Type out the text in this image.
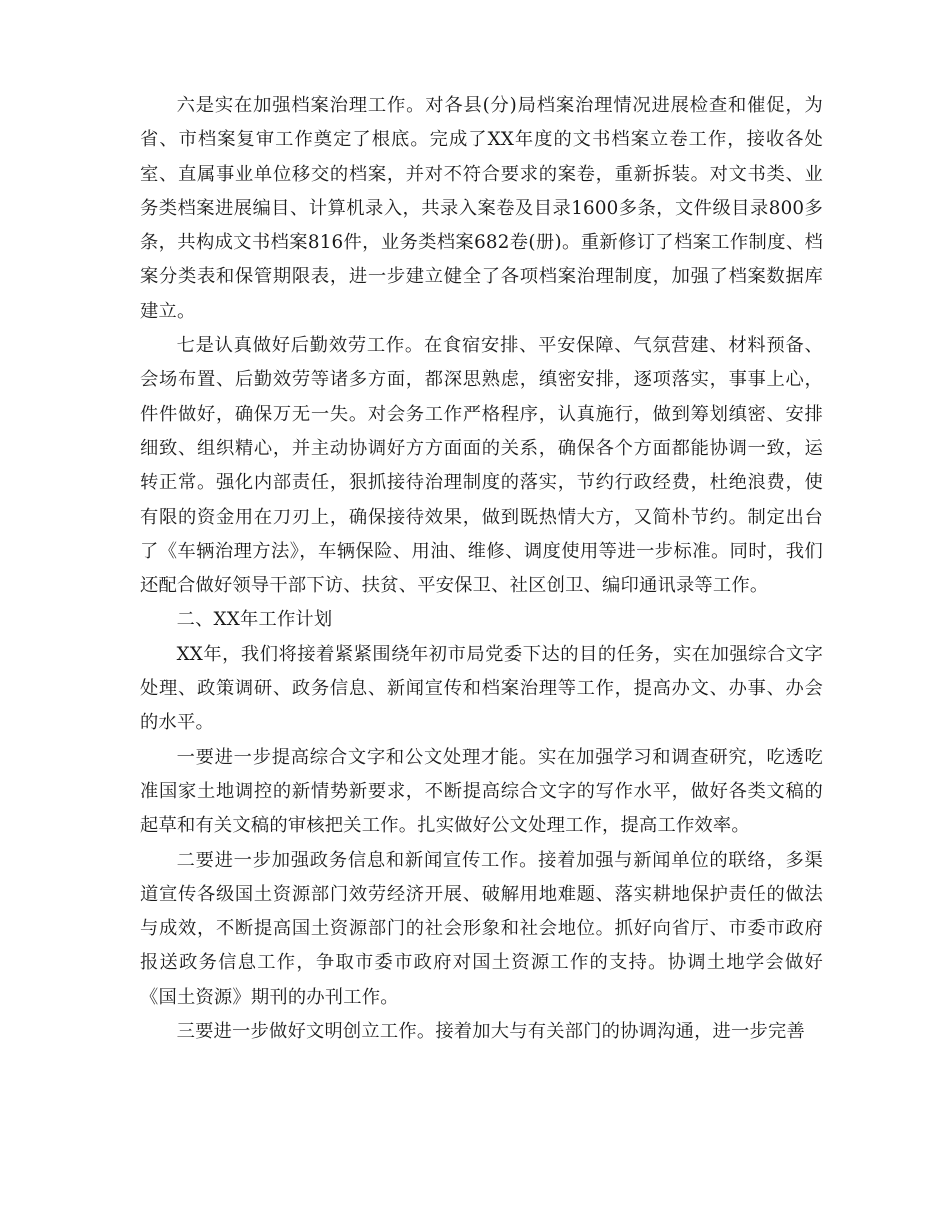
六是实在加强档案治理工作。对各县(分)局档案治理情况进展检查和催促，为省、市档案复审工作奠定了根底。完成了XX年度的文书档案立卷工作，接收各处室、直属事业单位移交的档案，并对不符合要求的案卷，重新拆装。对文书类、业务类档案进展编目、计算机录入，共录入案卷及目录1600多条，文件级目录800多条，共构成文书档案816件，业务类档案682卷(册)。重新修订了档案工作制度、档案分类表和保管期限表，进一步建立健全了各项档案治理制度，加强了档案数据库建立。

七是认真做好后勤效劳工作。在食宿安排、平安保障、气氛营建、材料预备、会场布置、后勤效劳等诸多方面，都深思熟虑，缜密安排，逐项落实，事事上心，件件做好，确保万无一失。对会务工作严格程序，认真施行，做到筹划缜密、安排细致、组织精心，并主动协调好方方面面的关系，确保各个方面都能协调一致，运转正常。强化内部责任，狠抓接待治理制度的落实，节约行政经费，杜绝浪费，使有限的资金用在刀刃上，确保接待效果，做到既热情大方，又简朴节约。制定出台了《车辆治理方法》，车辆保险、用油、维修、调度使用等进一步标准。同时，我们还配合做好领导干部下访、扶贫、平安保卫、社区创卫、编印通讯录等工作。

二、XX年工作计划

XX年，我们将接着紧紧围绕年初市局党委下达的目的任务，实在加强综合文字处理、政策调研、政务信息、新闻宣传和档案治理等工作，提高办文、办事、办会的水平。

一要进一步提高综合文字和公文处理才能。实在加强学习和调查研究，吃透吃准国家土地调控的新情势新要求，不断提高综合文字的写作水平，做好各类文稿的起草和有关文稿的审核把关工作。扎实做好公文处理工作，提高工作效率。

二要进一步加强政务信息和新闻宣传工作。接着加强与新闻单位的联络，多渠道宣传各级国土资源部门效劳经济开展、破解用地难题、落实耕地保护责任的做法与成效，不断提高国土资源部门的社会形象和社会地位。抓好向省厅、市委市政府报送政务信息工作，争取市委市政府对国土资源工作的支持。协调土地学会做好《国土资源》期刊的办刊工作。

三要进一步做好文明创立工作。接着加大与有关部门的协调沟通，进一步完善
